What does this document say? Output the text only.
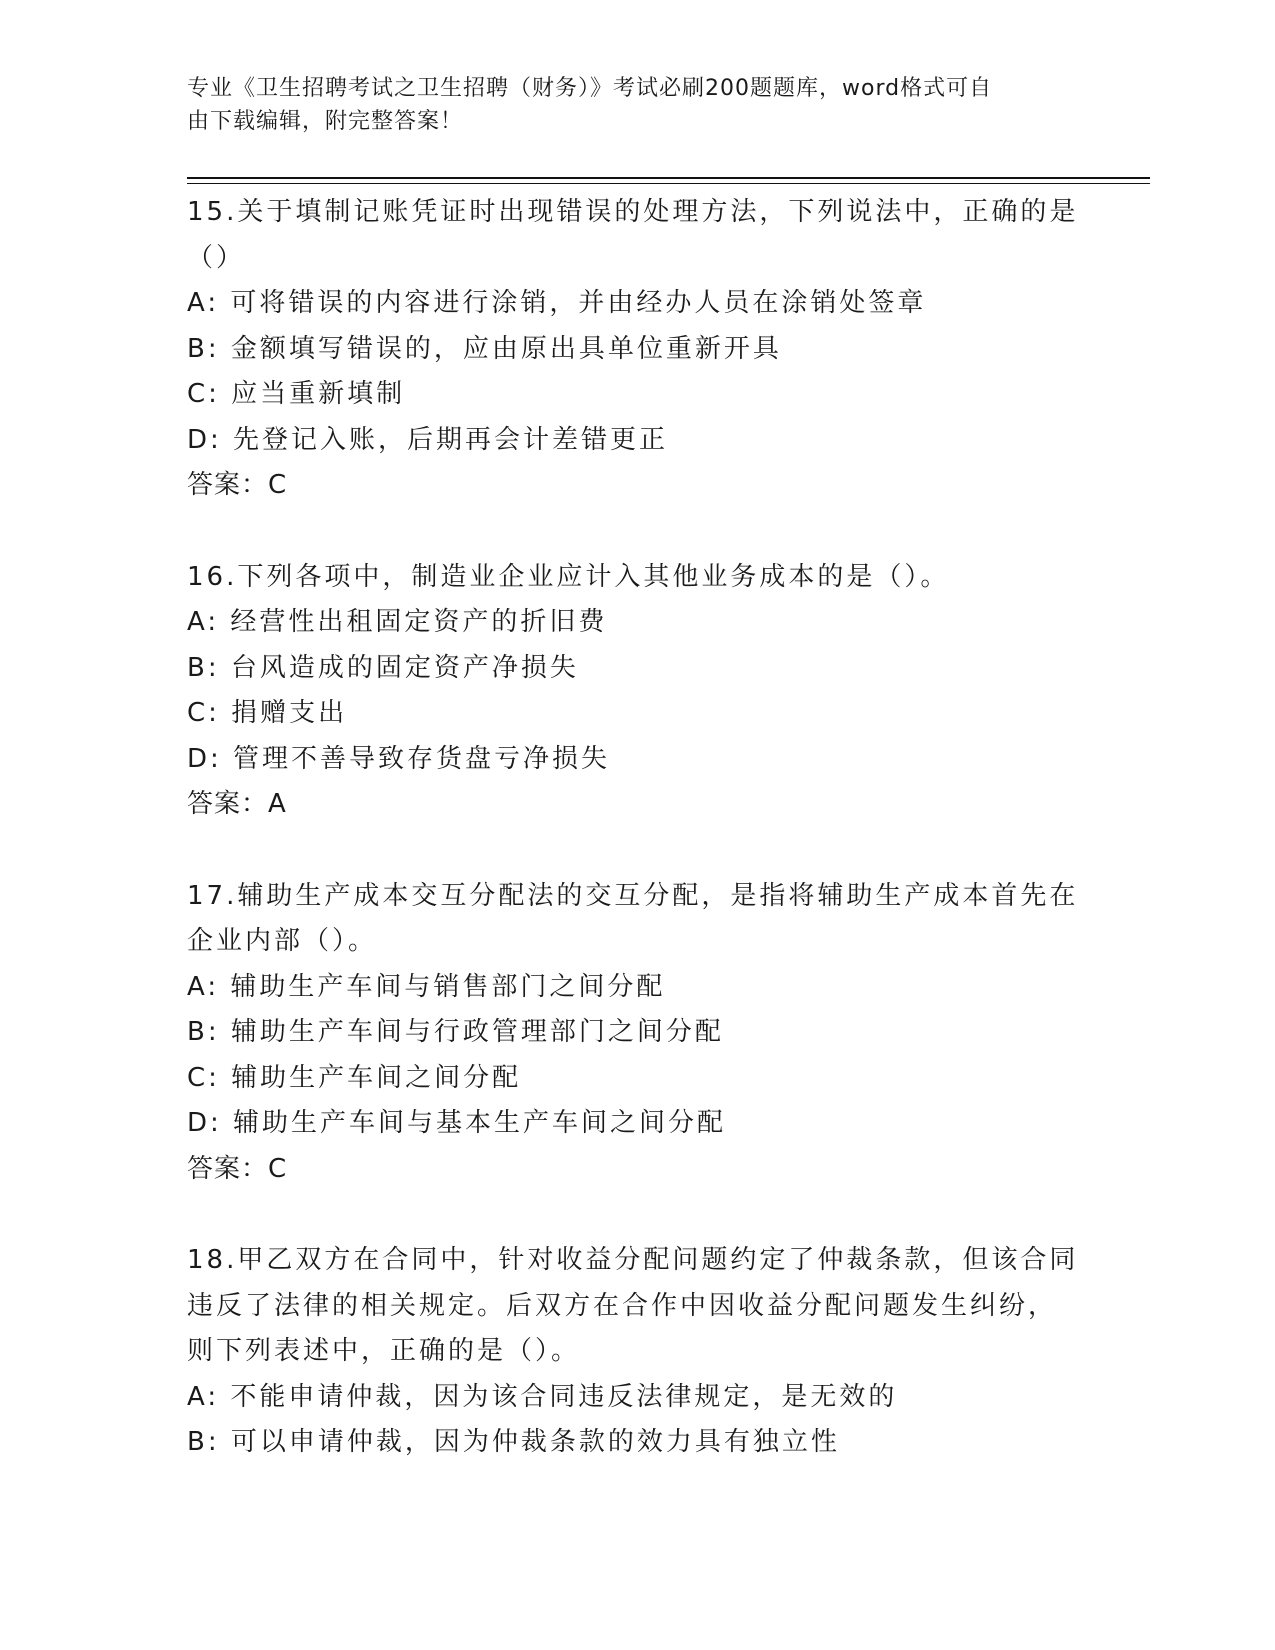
专业《卫生招聘考试之卫生招聘（财务）》考试必刷200题题库，word格式可自
由下载编辑，附完整答案！
15.关于填制记账凭证时出现错误的处理方法，下列说法中，正确的是
（）
A: 可将错误的内容进行涂销，并由经办人员在涂销处签章
B: 金额填写错误的，应由原出具单位重新开具
C: 应当重新填制
D: 先登记入账，后期再会计差错更正
答案：C
16.下列各项中，制造业企业应计入其他业务成本的是（）。
A: 经营性出租固定资产的折旧费
B: 台风造成的固定资产净损失
C: 捐赠支出
D: 管理不善导致存货盘亏净损失
答案：A
17.辅助生产成本交互分配法的交互分配，是指将辅助生产成本首先在
企业内部（）。
A: 辅助生产车间与销售部门之间分配
B: 辅助生产车间与行政管理部门之间分配
C: 辅助生产车间之间分配
D: 辅助生产车间与基本生产车间之间分配
答案：C
18.甲乙双方在合同中，针对收益分配问题约定了仲裁条款，但该合同
违反了法律的相关规定。后双方在合作中因收益分配问题发生纠纷，
则下列表述中，正确的是（）。
A: 不能申请仲裁，因为该合同违反法律规定，是无效的
B: 可以申请仲裁，因为仲裁条款的效力具有独立性
